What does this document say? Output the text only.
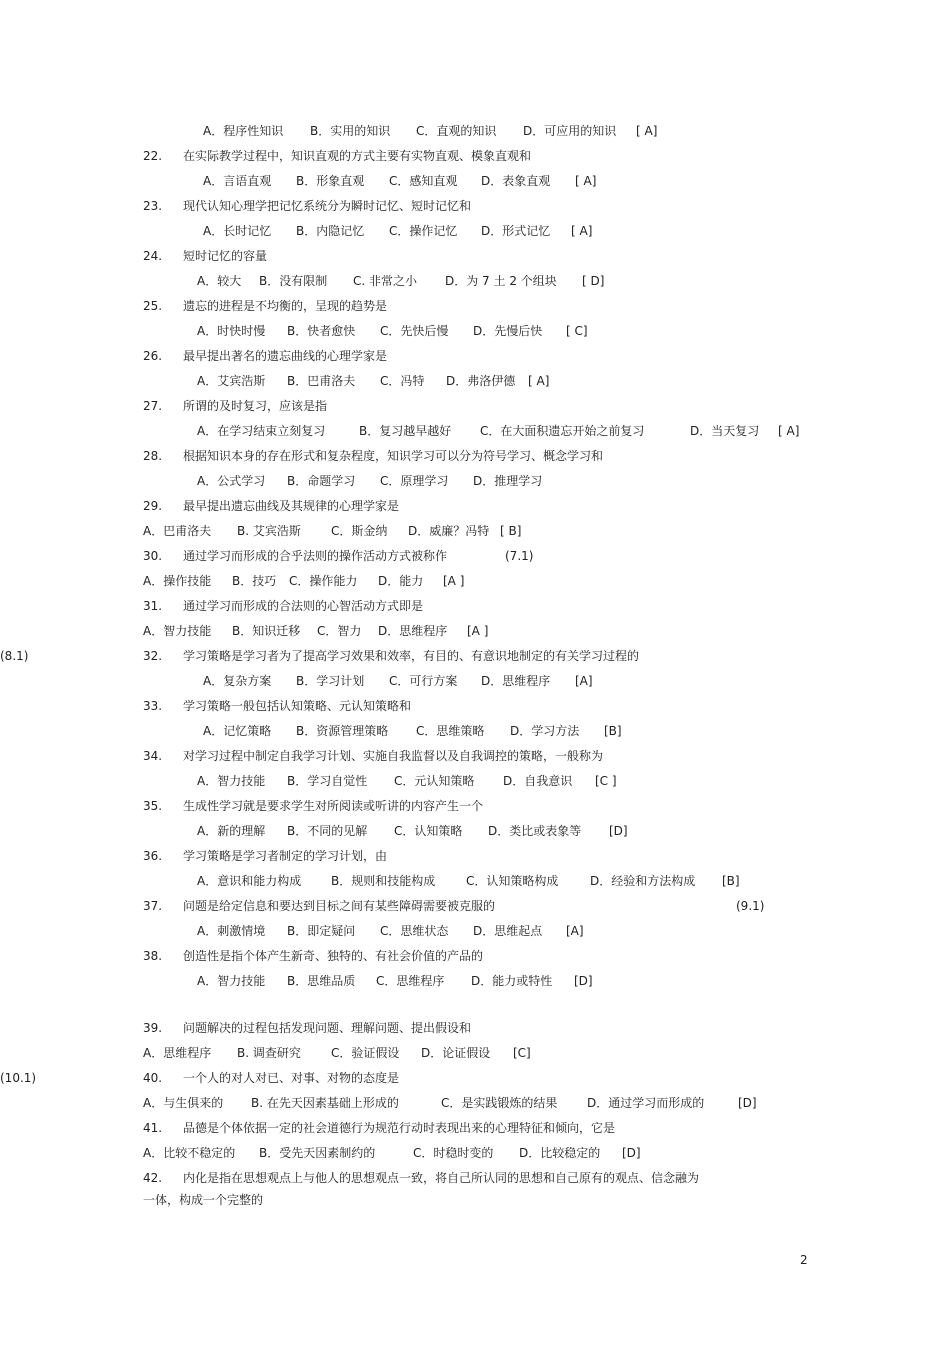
A．程序性知识 B．实用的知识 C．直观的知识 D．可应用的知识 [ A]
22. 在实际教学过程中，知识直观的方式主要有实物直观、模象直观和
A．言语直观 B．形象直观 C．感知直观 D．表象直观 [ A]
23. 现代认知心理学把记忆系统分为瞬时记忆、短时记忆和
A．长时记忆 B．内隐记忆 C．操作记忆 D．形式记忆 [ A]
24. 短时记忆的容量
A．较大 B．没有限制 C. 非常之小 D．为 7 土 2 个组块 [ D]
25. 遗忘的进程是不均衡的，呈现的趋势是
A．时快时慢 B．快者愈快 C．先快后慢 D．先慢后快 [ C]
26. 最早提出著名的遗忘曲线的心理学家是
A．艾宾浩斯 B．巴甫洛夫 C．冯特 D．弗洛伊德 [ A]
27. 所谓的及时复习，应该是指
A．在学习结束立刻复习	B．复习越早越好 C．在大面积遗忘开始之前复习	D．当天复习 [ A]
28. 根据知识本身的存在形式和复杂程度，知识学习可以分为符号学习、概念学习和
A．公式学习 B．命题学习 C．原理学习 D．推理学习
29. 最早提出遗忘曲线及其规律的心理学家是
A．巴甫洛夫 B. 艾宾浩斯	C．斯金纳 D．威廉？冯特 [ B]
30. 通过学习而形成的合乎法则的操作活动方式被称作	(7.1)
A．操作技能 B．技巧 C．操作能力 D．能力 [A ]
31. 通过学习而形成的合法则的心智活动方式即是
A．智力技能 B．知识迁移 C．智力 D．思维程序 [A ]
32. 学习策略是学习者为了提高学习效果和效率，有目的、有意识地制定的有关学习过程的
(8.1)
A．复杂方案 B．学习计划 C．可行方案 D．思维程序 [A]
33. 学习策略一般包括认知策略、元认知策略和
A．记忆策略 B．资源管理策略 C．思维策略 D．学习方法 [B]
34. 对学习过程中制定自我学习计划、实施自我监督以及自我调控的策略，一般称为
A．智力技能 B．学习自觉性 C．元认知策略 D．自我意识 [C ]
35. 生成性学习就是要求学生对所阅读或听讲的内容产生一个
A．新的理解 B．不同的见解 C．认知策略 D．类比或表象等 [D]
36. 学习策略是学习者制定的学习计划，由
A．意识和能力构成 B．规则和技能构成	C．认知策略构成	D．经验和方法构成 [B]
37. 问题是给定信息和要达到目标之间有某些障碍需要被克服的	(9.1)
A．刺激情境 B．即定疑问 C．思维状态 D．思维起点 [A]
38. 创造性是指个体产生新奇、独特的、有社会价值的产品的
A．智力技能 B．思维品质 C．思维程序 D．能力或特性 [D]
39. 问题解决的过程包括发现问题、理解问题、提出假设和
A．思维程序 B. 调查研究	C．验证假设 D．论证假设 [C]
40. 一个人的对人对已、对事、对物的态度是
(10.1)
A．与生俱来的 B. 在先天因素基础上形成的	C．是实践锻炼的结果 D．通过学习而形成的	[D]
41. 品德是个体依据一定的社会道德行为规范行动时表现出来的心理特征和倾向，它是
A．比较不稳定的 B．受先天因素制约的	C．时稳时变的 D．比较稳定的 [D]
42. 内化是指在思想观点上与他人的思想观点一致，将自己所认同的思想和自己原有的观点、信念融为
一体，构成一个完整的
2
